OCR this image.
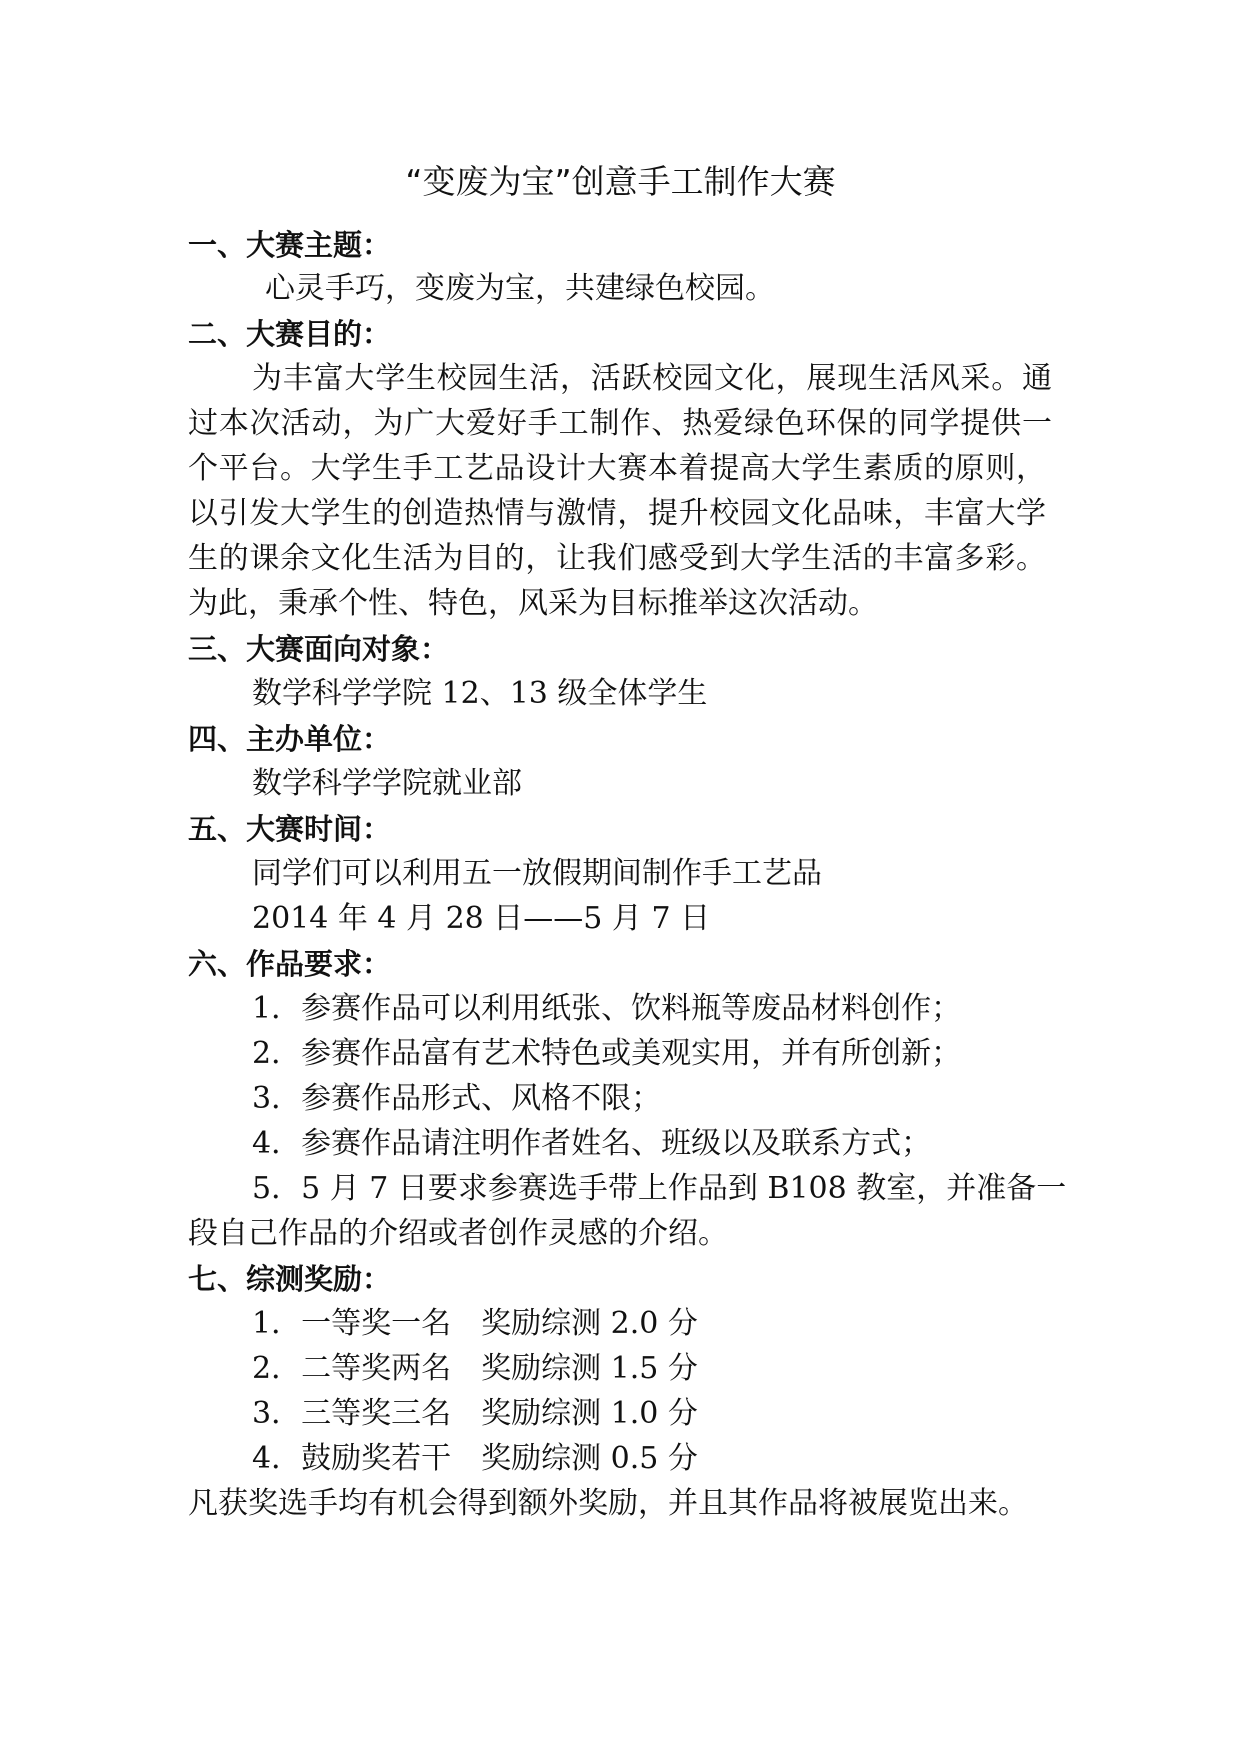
“变废为宝”创意手工制作大赛
一、大赛主题：
心灵手巧，变废为宝，共建绿色校园。
二、大赛目的：
为丰富大学生校园生活，活跃校园文化，展现生活风采。通
过本次活动，为广大爱好手工制作、热爱绿色环保的同学提供一
个平台。大学生手工艺品设计大赛本着提高大学生素质的原则，
以引发大学生的创造热情与激情，提升校园文化品味，丰富大学
生的课余文化生活为目的，让我们感受到大学生活的丰富多彩。
为此，秉承个性、特色，风采为目标推举这次活动。
三、大赛面向对象：
数学科学学院 12、13 级全体学生
四、主办单位：
数学科学学院就业部
五、大赛时间：
同学们可以利用五一放假期间制作手工艺品
2014 年 4 月 28 日——5 月 7 日
六、作品要求：
1．参赛作品可以利用纸张、饮料瓶等废品材料创作；
2．参赛作品富有艺术特色或美观实用，并有所创新；
3．参赛作品形式、风格不限；
4．参赛作品请注明作者姓名、班级以及联系方式；
5．5 月 7 日要求参赛选手带上作品到 B108 教室，并准备一
段自己作品的介绍或者创作灵感的介绍。
七、综测奖励：
1．一等奖一名 奖励综测 2.0 分
2．二等奖两名 奖励综测 1.5 分
3．三等奖三名 奖励综测 1.0 分
4．鼓励奖若干 奖励综测 0.5 分
凡获奖选手均有机会得到额外奖励，并且其作品将被展览出来。
